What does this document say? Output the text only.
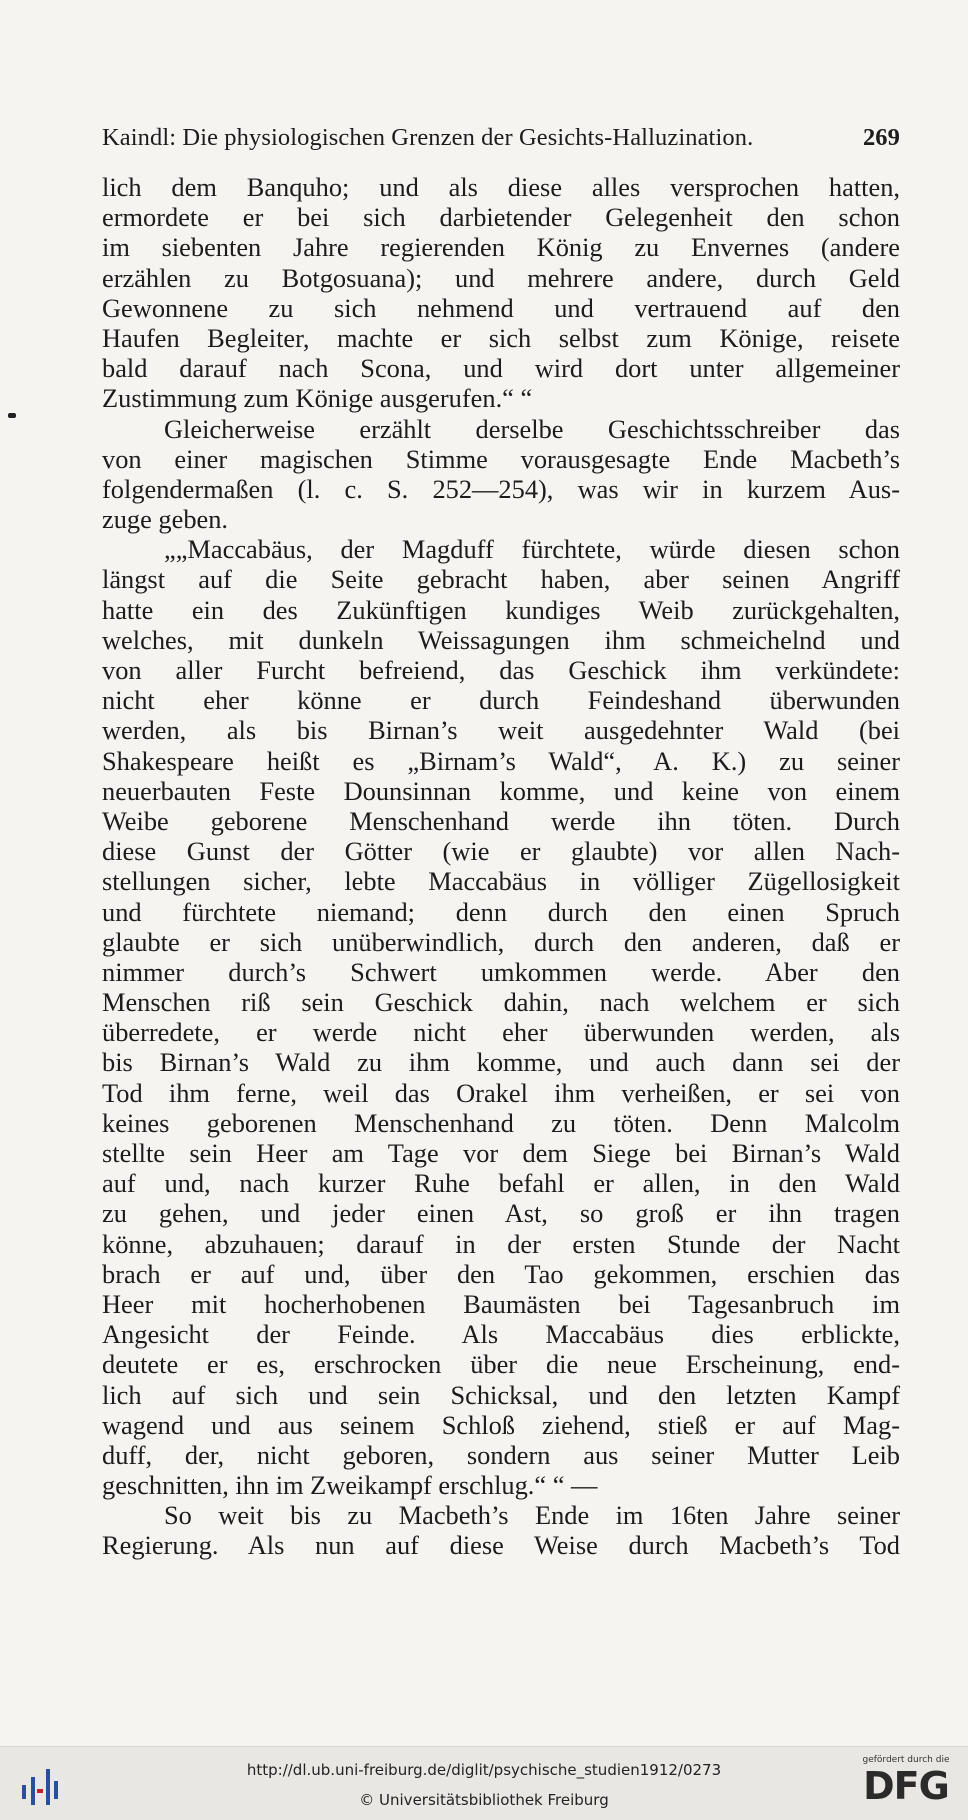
Kaindl: Die physiologischen Grenzen der Gesichts-Halluzination.	269
lich dem Banquho; und als diese alles versprochen hatten,
ermordete er bei sich darbietender Gelegenheit den schon
im siebenten Jahre regierenden König zu Envernes (andere
erzählen zu Botgosuana); und mehrere andere, durch Geld
Gewonnene zu sich nehmend und vertrauend auf den
Haufen Begleiter, machte er sich selbst zum Könige, reisete
bald darauf nach Scona, und wird dort unter allgemeiner
Zustimmung zum Könige ausgerufen.“ “
Gleicherweise erzählt derselbe Geschichtsschreiber das
von einer magischen Stimme vorausgesagte Ende Macbeth’s
folgendermaßen (l. c. S. 252—254), was wir in kurzem Aus-
zuge geben.
„„Maccabäus, der Magduff fürchtete, würde diesen schon
längst auf die Seite gebracht haben, aber seinen Angriff
hatte ein des Zukünftigen kundiges Weib zurückgehalten,
welches, mit dunkeln Weissagungen ihm schmeichelnd und
von aller Furcht befreiend, das Geschick ihm verkündete:
nicht eher könne er durch Feindeshand überwunden
werden, als bis Birnan’s weit ausgedehnter Wald (bei
Shakespeare heißt es „Birnam’s Wald“, A. K.) zu seiner
neuerbauten Feste Dounsinnan komme, und keine von einem
Weibe geborene Menschenhand werde ihn töten. Durch
diese Gunst der Götter (wie er glaubte) vor allen Nach-
stellungen sicher, lebte Maccabäus in völliger Zügellosigkeit
und fürchtete niemand; denn durch den einen Spruch
glaubte er sich unüberwindlich, durch den anderen, daß er
nimmer durch’s Schwert umkommen werde. Aber den
Menschen riß sein Geschick dahin, nach welchem er sich
überredete, er werde nicht eher überwunden werden, als
bis Birnan’s Wald zu ihm komme, und auch dann sei der
Tod ihm ferne, weil das Orakel ihm verheißen, er sei von
keines geborenen Menschenhand zu töten. Denn Malcolm
stellte sein Heer am Tage vor dem Siege bei Birnan’s Wald
auf und, nach kurzer Ruhe befahl er allen, in den Wald
zu gehen, und jeder einen Ast, so groß er ihn tragen
könne, abzuhauen; darauf in der ersten Stunde der Nacht
brach er auf und, über den Tao gekommen, erschien das
Heer mit hocherhobenen Baumästen bei Tagesanbruch im
Angesicht der Feinde. Als Maccabäus dies erblickte,
deutete er es, erschrocken über die neue Erscheinung, end-
lich auf sich und sein Schicksal, und den letzten Kampf
wagend und aus seinem Schloß ziehend, stieß er auf Mag-
duff, der, nicht geboren, sondern aus seiner Mutter Leib
geschnitten, ihn im Zweikampf erschlug.“ “ —
So weit bis zu Macbeth’s Ende im 16ten Jahre seiner
Regierung. Als nun auf diese Weise durch Macbeth’s Tod
http://dl.ub.uni-freiburg.de/diglit/psychische_studien1912/0273
© Universitätsbibliothek Freiburg
gefördert durch die
DFG
